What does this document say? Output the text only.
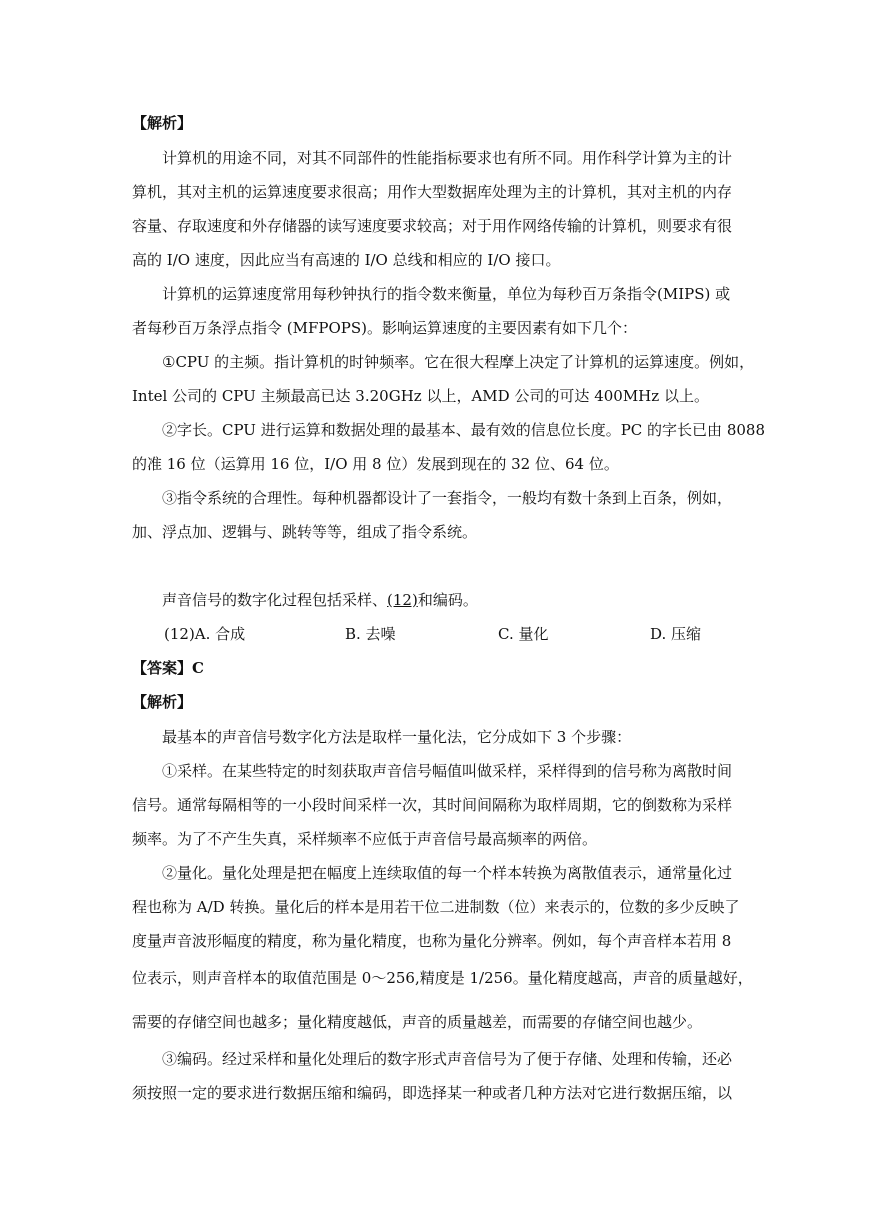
【解析】
计算机的用途不同，对其不同部件的性能指标要求也有所不同。用作科学计算为主的计
算机，其对主机的运算速度要求很高；用作大型数据库处理为主的计算机，其对主机的内存
容量、存取速度和外存储器的读写速度要求较高；对于用作网络传输的计算机，则要求有很
高的 I/O 速度，因此应当有高速的 I/O 总线和相应的 I/O 接口。
计算机的运算速度常用每秒钟执行的指令数来衡量，单位为每秒百万条指令(MIPS) 或
者每秒百万条浮点指令 (MFPOPS)。影响运算速度的主要因素有如下几个：
①CPU 的主频。指计算机的时钟频率。它在很大程摩上决定了计算机的运算速度。例如，
Intel 公司的 CPU 主频最高已达 3.20GHz 以上，AMD 公司的可达 400MHz 以上。
②字长。CPU 进行运算和数据处理的最基本、最有效的信息位长度。PC 的字长已由 8088
的准 16 位（运算用 16 位，I/O 用 8 位）发展到现在的 32 位、64 位。
③指令系统的合理性。每种机器都设计了一套指令，一般均有数十条到上百条，例如，
加、浮点加、逻辑与、跳转等等，组成了指令系统。
声音信号的数字化过程包括采样、(12)和编码。
(12)A. 合成	B. 去噪	C. 量化	D. 压缩
【答案】C
【解析】
最基本的声音信号数字化方法是取样一量化法，它分成如下 3 个步骤：
①采样。在某些特定的时刻获取声音信号幅值叫做采样，采样得到的信号称为离散时间
信号。通常每隔相等的一小段时间采样一次，其时间间隔称为取样周期，它的倒数称为采样
频率。为了不产生失真，采样频率不应低于声音信号最高频率的两倍。
②量化。量化处理是把在幅度上连续取值的每一个样本转换为离散值表示，通常量化过
程也称为 A/D 转换。量化后的样本是用若干位二进制数（位）来表示的，位数的多少反映了
度量声音波形幅度的精度，称为量化精度，也称为量化分辨率。例如，每个声音样本若用 8
位表示，则声音样本的取值范围是 0～256,精度是 1/256。量化精度越高，声音的质量越好，
需要的存储空间也越多；量化精度越低，声音的质量越差，而需要的存储空间也越少。
③编码。经过采样和量化处理后的数字形式声音信号为了便于存储、处理和传输，还必
须按照一定的要求进行数据压缩和编码，即选择某一种或者几种方法对它进行数据压缩，以
